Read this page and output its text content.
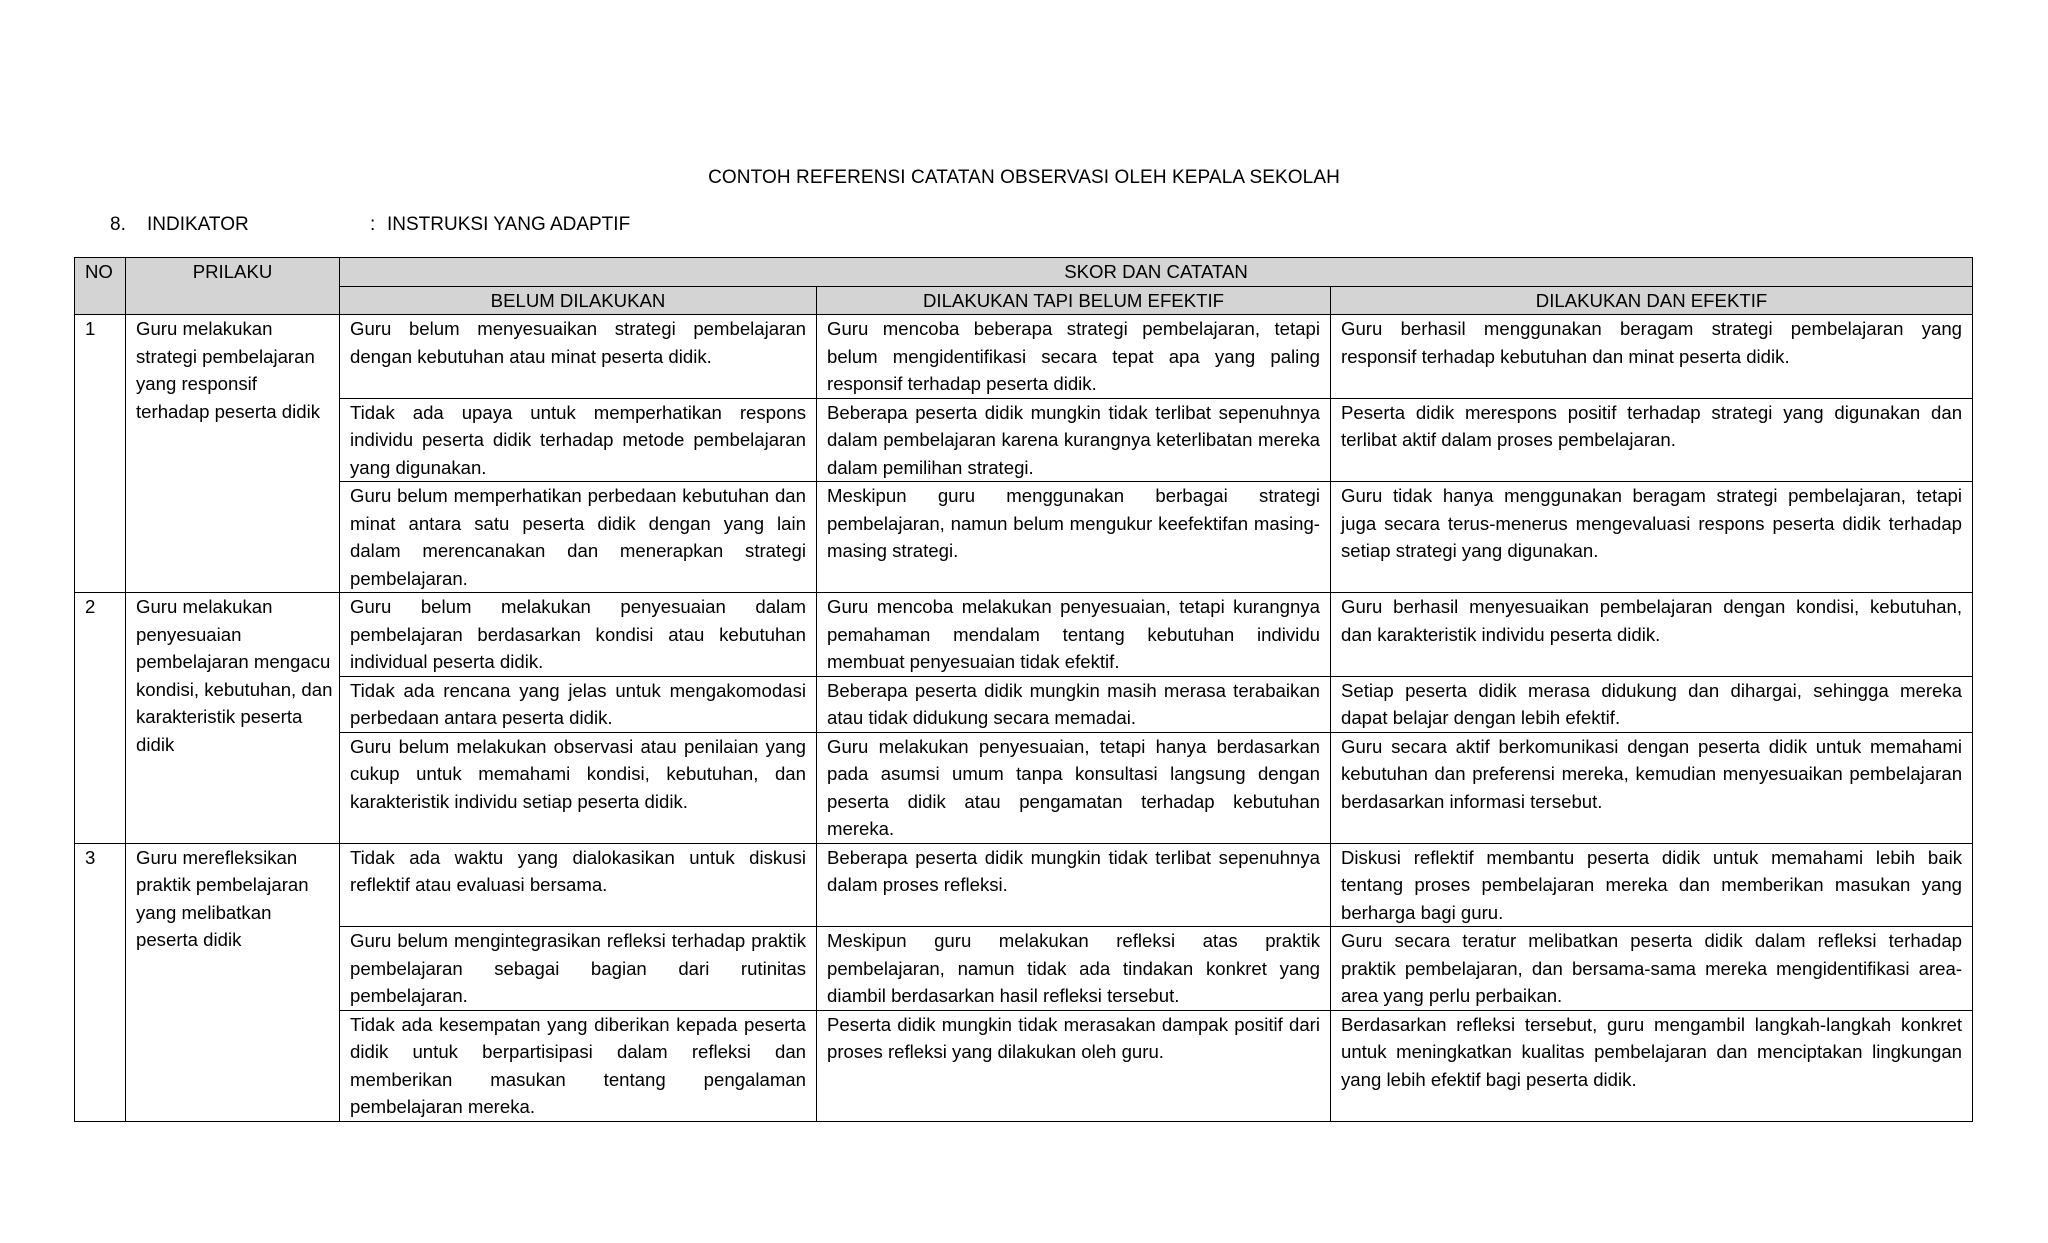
CONTOH REFERENSI CATATAN OBSERVASI OLEH KEPALA SEKOLAH
8.	INDIKATOR	: INSTRUKSI YANG ADAPTIF
NO	PRILAKU	SKOR DAN CATATAN		
		BELUM DILAKUKAN	DILAKUKAN TAPI BELUM EFEKTIF	DILAKUKAN DAN EFEKTIF
1	Guru melakukan strategi pembelajaran yang responsif terhadap peserta didik	Guru belum menyesuaikan strategi pembelajaran dengan kebutuhan atau minat peserta didik.	Guru mencoba beberapa strategi pembelajaran, tetapi belum mengidentifikasi secara tepat apa yang paling responsif terhadap peserta didik.	Guru berhasil menggunakan beragam strategi pembelajaran yang responsif terhadap kebutuhan dan minat peserta didik.
		Tidak ada upaya untuk memperhatikan respons individu peserta didik terhadap metode pembelajaran yang digunakan.	Beberapa peserta didik mungkin tidak terlibat sepenuhnya dalam pembelajaran karena kurangnya keterlibatan mereka dalam pemilihan strategi.	Peserta didik merespons positif terhadap strategi yang digunakan dan terlibat aktif dalam proses pembelajaran.
		Guru belum memperhatikan perbedaan kebutuhan dan minat antara satu peserta didik dengan yang lain dalam merencanakan dan menerapkan strategi pembelajaran.	Meskipun guru menggunakan berbagai strategi pembelajaran, namun belum mengukur keefektifan masing-masing strategi.	Guru tidak hanya menggunakan beragam strategi pembelajaran, tetapi juga secara terus-menerus mengevaluasi respons peserta didik terhadap setiap strategi yang digunakan.
2	Guru melakukan penyesuaian pembelajaran mengacu kondisi, kebutuhan, dan karakteristik peserta didik	Guru belum melakukan penyesuaian dalam pembelajaran berdasarkan kondisi atau kebutuhan individual peserta didik.	Guru mencoba melakukan penyesuaian, tetapi kurangnya pemahaman mendalam tentang kebutuhan individu membuat penyesuaian tidak efektif.	Guru berhasil menyesuaikan pembelajaran dengan kondisi, kebutuhan, dan karakteristik individu peserta didik.
		Tidak ada rencana yang jelas untuk mengakomodasi perbedaan antara peserta didik.	Beberapa peserta didik mungkin masih merasa terabaikan atau tidak didukung secara memadai.	Setiap peserta didik merasa didukung dan dihargai, sehingga mereka dapat belajar dengan lebih efektif.
		Guru belum melakukan observasi atau penilaian yang cukup untuk memahami kondisi, kebutuhan, dan karakteristik individu setiap peserta didik.	Guru melakukan penyesuaian, tetapi hanya berdasarkan pada asumsi umum tanpa konsultasi langsung dengan peserta didik atau pengamatan terhadap kebutuhan mereka.	Guru secara aktif berkomunikasi dengan peserta didik untuk memahami kebutuhan dan preferensi mereka, kemudian menyesuaikan pembelajaran berdasarkan informasi tersebut.
3	Guru merefleksikan praktik pembelajaran yang melibatkan peserta didik	Tidak ada waktu yang dialokasikan untuk diskusi reflektif atau evaluasi bersama.	Beberapa peserta didik mungkin tidak terlibat sepenuhnya dalam proses refleksi.	Diskusi reflektif membantu peserta didik untuk memahami lebih baik tentang proses pembelajaran mereka dan memberikan masukan yang berharga bagi guru.
		Guru belum mengintegrasikan refleksi terhadap praktik pembelajaran sebagai bagian dari rutinitas pembelajaran.	Meskipun guru melakukan refleksi atas praktik pembelajaran, namun tidak ada tindakan konkret yang diambil berdasarkan hasil refleksi tersebut.	Guru secara teratur melibatkan peserta didik dalam refleksi terhadap praktik pembelajaran, dan bersama-sama mereka mengidentifikasi area-area yang perlu perbaikan.
		Tidak ada kesempatan yang diberikan kepada peserta didik untuk berpartisipasi dalam refleksi dan memberikan masukan tentang pengalaman pembelajaran mereka.	Peserta didik mungkin tidak merasakan dampak positif dari proses refleksi yang dilakukan oleh guru.	Berdasarkan refleksi tersebut, guru mengambil langkah-langkah konkret untuk meningkatkan kualitas pembelajaran dan menciptakan lingkungan yang lebih efektif bagi peserta didik.
